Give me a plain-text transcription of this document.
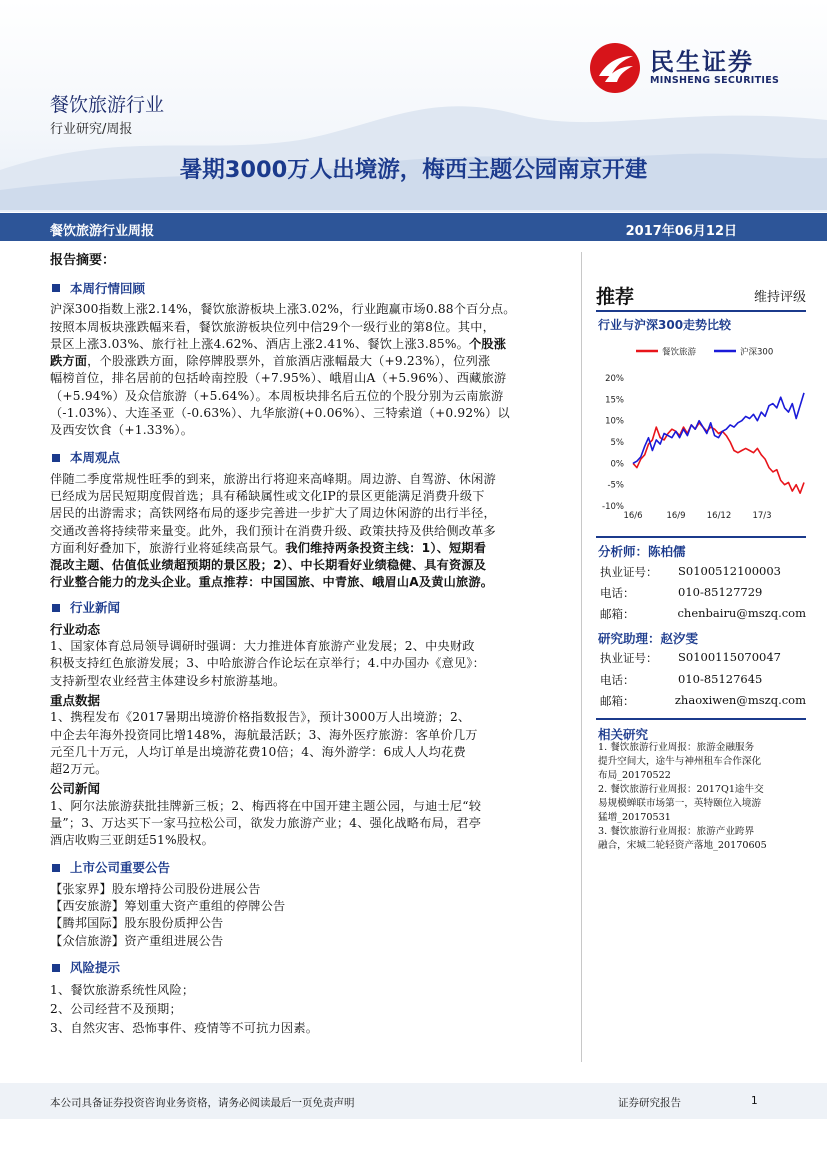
民生证券
MINSHENG SECURITIES
餐饮旅游行业
行业研究/周报
暑期3000万人出境游，梅西主题公园南京开建
餐饮旅游行业周报	2017年06月12日
报告摘要：
本周行情回顾
沪深300指数上涨2.14%，餐饮旅游板块上涨3.02%，行业跑赢市场0.88个百分点。
按照本周板块涨跌幅来看，餐饮旅游板块位列中信29个一级行业的第8位。其中，
景区上涨3.03%、旅行社上涨4.62%、酒店上涨2.41%、餐饮上涨3.85%。个股涨
跌方面，个股涨跌方面，除停牌股票外，首旅酒店涨幅最大（+9.23%），位列涨
幅榜首位，排名居前的包括岭南控股（+7.95%）、峨眉山A（+5.96%）、西藏旅游
（+5.94%）及众信旅游（+5.64%）。本周板块排名后五位的个股分别为云南旅游
（-1.03%）、大连圣亚（-0.63%）、九华旅游(+0.06%）、三特索道（+0.92%）以
及西安饮食（+1.33%）。
本周观点
伴随二季度常规性旺季的到来，旅游出行将迎来高峰期。周边游、自驾游、休闲游
已经成为居民短期度假首选；具有稀缺属性或文化IP的景区更能满足消费升级下
居民的出游需求；高铁网络布局的逐步完善进一步扩大了周边休闲游的出行半径，
交通改善将持续带来量变。此外，我们预计在消费升级、政策扶持及供给侧改革多
方面利好叠加下，旅游行业将延续高景气。我们维持两条投资主线：1）、短期看
混改主题、估值低业绩超预期的景区股；2）、中长期看好业绩稳健、具有资源及
行业整合能力的龙头企业。重点推荐：中国国旅、中青旅、峨眉山A及黄山旅游。
行业新闻
行业动态
1、国家体育总局领导调研时强调：大力推进体育旅游产业发展；2、中央财政
积极支持红色旅游发展；3、中哈旅游合作论坛在京举行；4.中办国办《意见》：
支持新型农业经营主体建设乡村旅游基地。
重点数据
1、携程发布《2017暑期出境游价格指数报告》，预计3000万人出境游；2、
中企去年海外投资同比增148%，海航最活跃；3、海外医疗旅游：客单价几万
元至几十万元，人均订单是出境游花费10倍；4、海外游学：6成人人均花费
超2万元。
公司新闻
1、阿尔法旅游获批挂牌新三板；2、梅西将在中国开建主题公园，与迪士尼“较
量”；3、万达买下一家马拉松公司，欲发力旅游产业；4、强化战略布局，君亭
酒店收购三亚朗廷51%股权。
上市公司重要公告
【张家界】股东增持公司股份进展公告
【西安旅游】筹划重大资产重组的停牌公告
【腾邦国际】股东股份质押公告
【众信旅游】资产重组进展公告
风险提示
1、餐饮旅游系统性风险；
2、公司经营不及预期；
3、自然灾害、恐怖事件、疫情等不可抗力因素。
推荐	维持评级
行业与沪深300走势比较
餐饮旅游	沪深300
20%
15%
10%
5%
0%
-5%
-10%
16/6	16/9 16/12 17/3
分析师：陈柏儒
执业证号：	S0100512100003
电话：	010-85127729
邮箱：	chenbairu@mszq.com
研究助理：赵汐雯
执业证号：	S0100115070047
电话：	010-85127645
邮箱：	zhaoxiwen@mszq.com
相关研究

1. 餐饮旅游行业周报：旅游金融服务

提升空间大，途牛与神州租车合作深化

布局_20170522

2. 餐饮旅游行业周报：2017Q1途牛交

易规模蝉联市场第一，英特颐位入境游

猛增_20170531

3. 餐饮旅游行业周报：旅游产业跨界

融合，宋城二轮轻资产落地_20170605

本公司具备证券投资咨询业务资格，请务必阅读最后一页免责声明	证券研究报告	1
